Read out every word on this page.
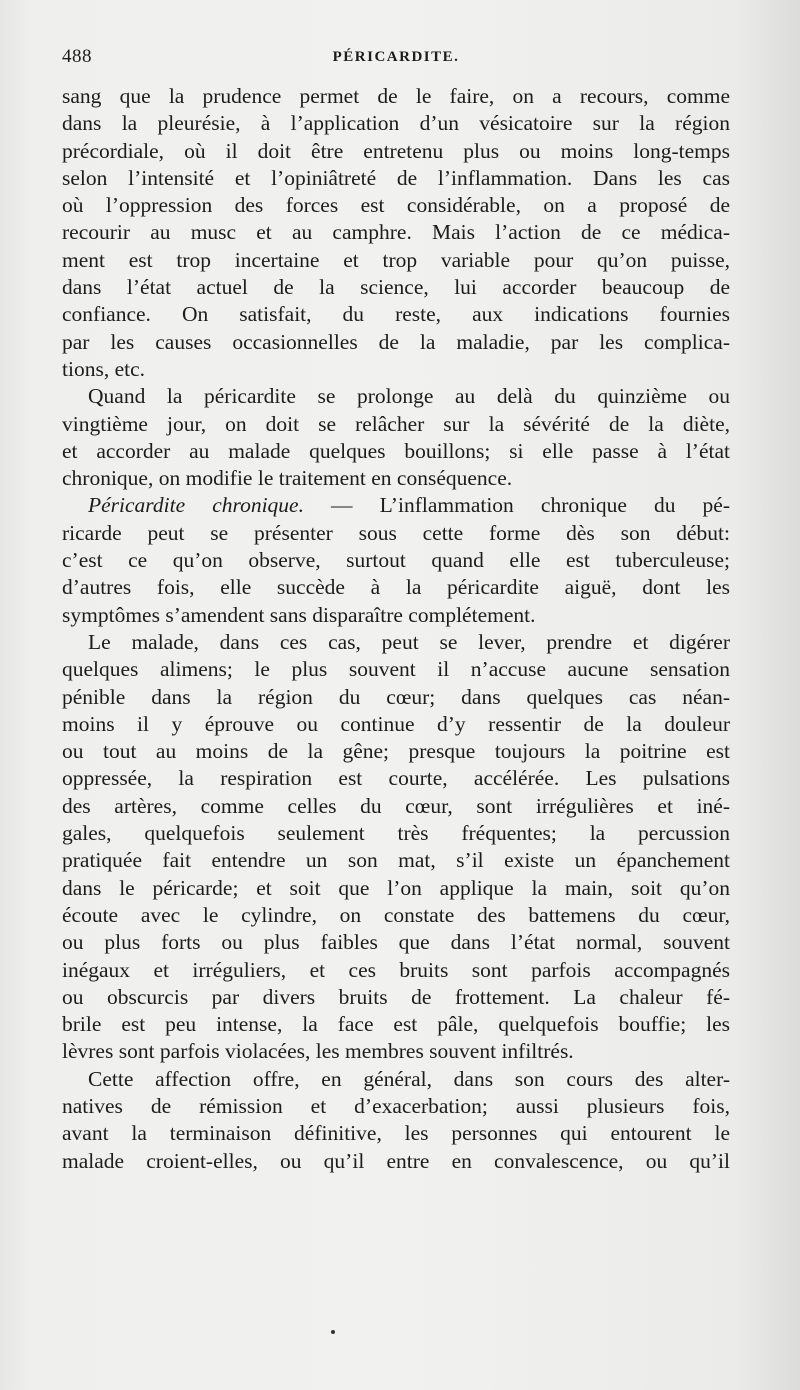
488	PÉRICARDITE.
sang que la prudence permet de le faire, on a recours, comme
dans la pleurésie, à l’application d’un vésicatoire sur la région
précordiale, où il doit être entretenu plus ou moins long-temps
selon l’intensité et l’opiniâtreté de l’inflammation. Dans les cas
où l’oppression des forces est considérable, on a proposé de
recourir au musc et au camphre. Mais l’action de ce médica-
ment est trop incertaine et trop variable pour qu’on puisse,
dans l’état actuel de la science, lui accorder beaucoup de
confiance. On satisfait, du reste, aux indications fournies
par les causes occasionnelles de la maladie, par les complica-
tions, etc.
Quand la péricardite se prolonge au delà du quinzième ou
vingtième jour, on doit se relâcher sur la sévérité de la diète,
et accorder au malade quelques bouillons; si elle passe à l’état
chronique, on modifie le traitement en conséquence.
Péricardite chronique. — L’inflammation chronique du pé-
ricarde peut se présenter sous cette forme dès son début:
c’est ce qu’on observe, surtout quand elle est tuberculeuse;
d’autres fois, elle succède à la péricardite aiguë, dont les
symptômes s’amendent sans disparaître complétement.
Le malade, dans ces cas, peut se lever, prendre et digérer
quelques alimens; le plus souvent il n’accuse aucune sensation
pénible dans la région du cœur; dans quelques cas néan-
moins il y éprouve ou continue d’y ressentir de la douleur
ou tout au moins de la gêne; presque toujours la poitrine est
oppressée, la respiration est courte, accélérée. Les pulsations
des artères, comme celles du cœur, sont irrégulières et iné-
gales, quelquefois seulement très fréquentes; la percussion
pratiquée fait entendre un son mat, s’il existe un épanchement
dans le péricarde; et soit que l’on applique la main, soit qu’on
écoute avec le cylindre, on constate des battemens du cœur,
ou plus forts ou plus faibles que dans l’état normal, souvent
inégaux et irréguliers, et ces bruits sont parfois accompagnés
ou obscurcis par divers bruits de frottement. La chaleur fé-
brile est peu intense, la face est pâle, quelquefois bouffie; les
lèvres sont parfois violacées, les membres souvent infiltrés.
Cette affection offre, en général, dans son cours des alter-
natives de rémission et d’exacerbation; aussi plusieurs fois,
avant la terminaison définitive, les personnes qui entourent le
malade croient-elles, ou qu’il entre en convalescence, ou qu’il
